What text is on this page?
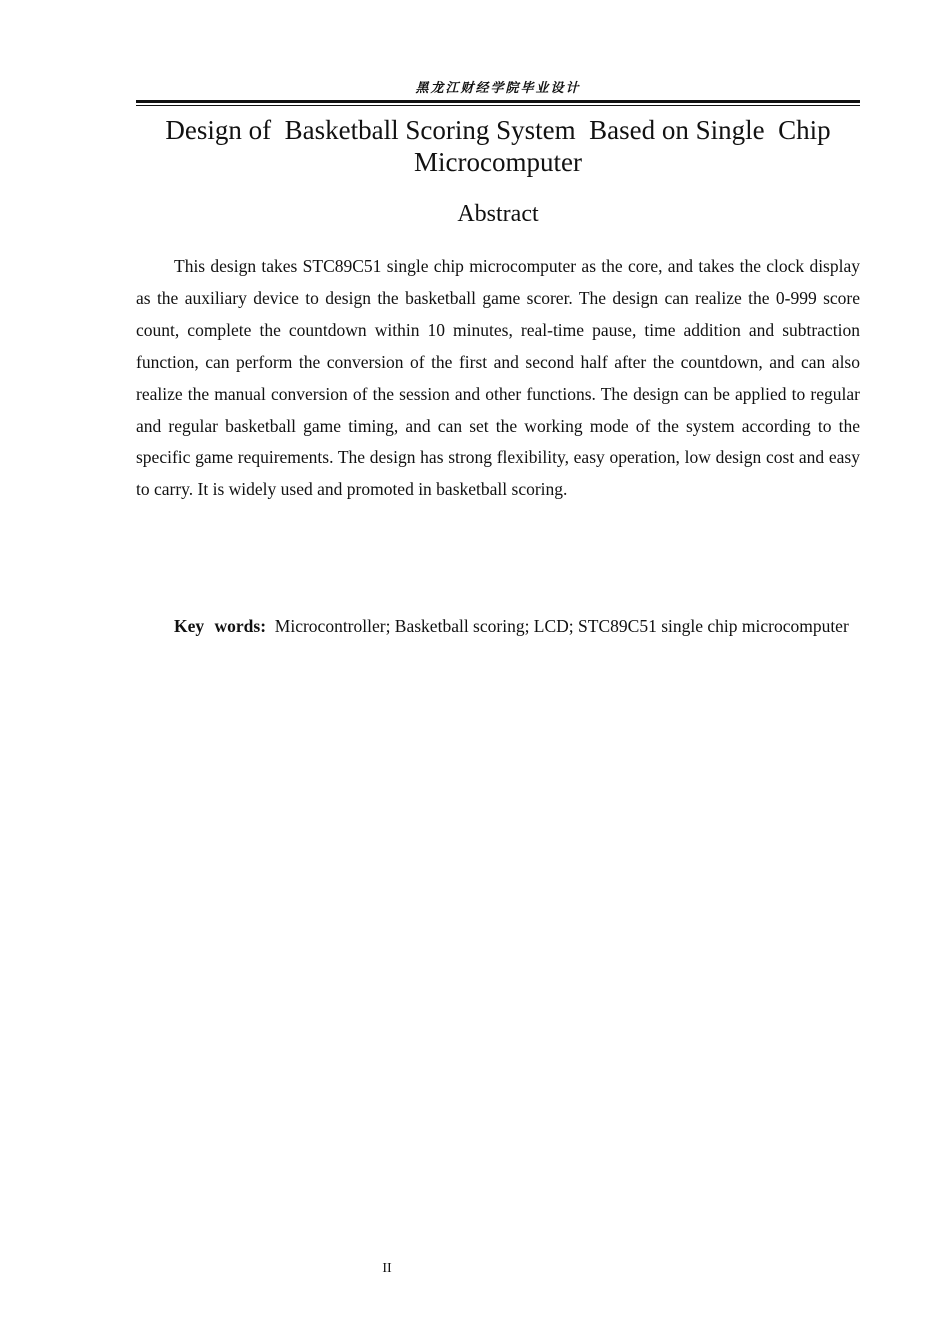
黑龙江财经学院毕业设计
Design of  Basketball Scoring System  Based on Single  Chip Microcomputer
Abstract

This design takes STC89C51 single chip microcomputer as the core, and takes the clock display as the auxiliary device to design the basketball game scorer. The design can realize the 0-999 score count, complete the countdown within 10 minutes, real-time pause, time addition and subtraction function, can perform the conversion of the first and second half after the countdown, and can also realize the manual conversion of the session and other functions. The design can be applied to regular and regular basketball game timing, and can set the working mode of the system according to the specific game requirements. The design has strong flexibility, easy operation, low design cost and easy to carry. It is widely used and promoted in basketball scoring.

Key words: Microcontroller; Basketball scoring; LCD; STC89C51 single chip microcomputer

II
